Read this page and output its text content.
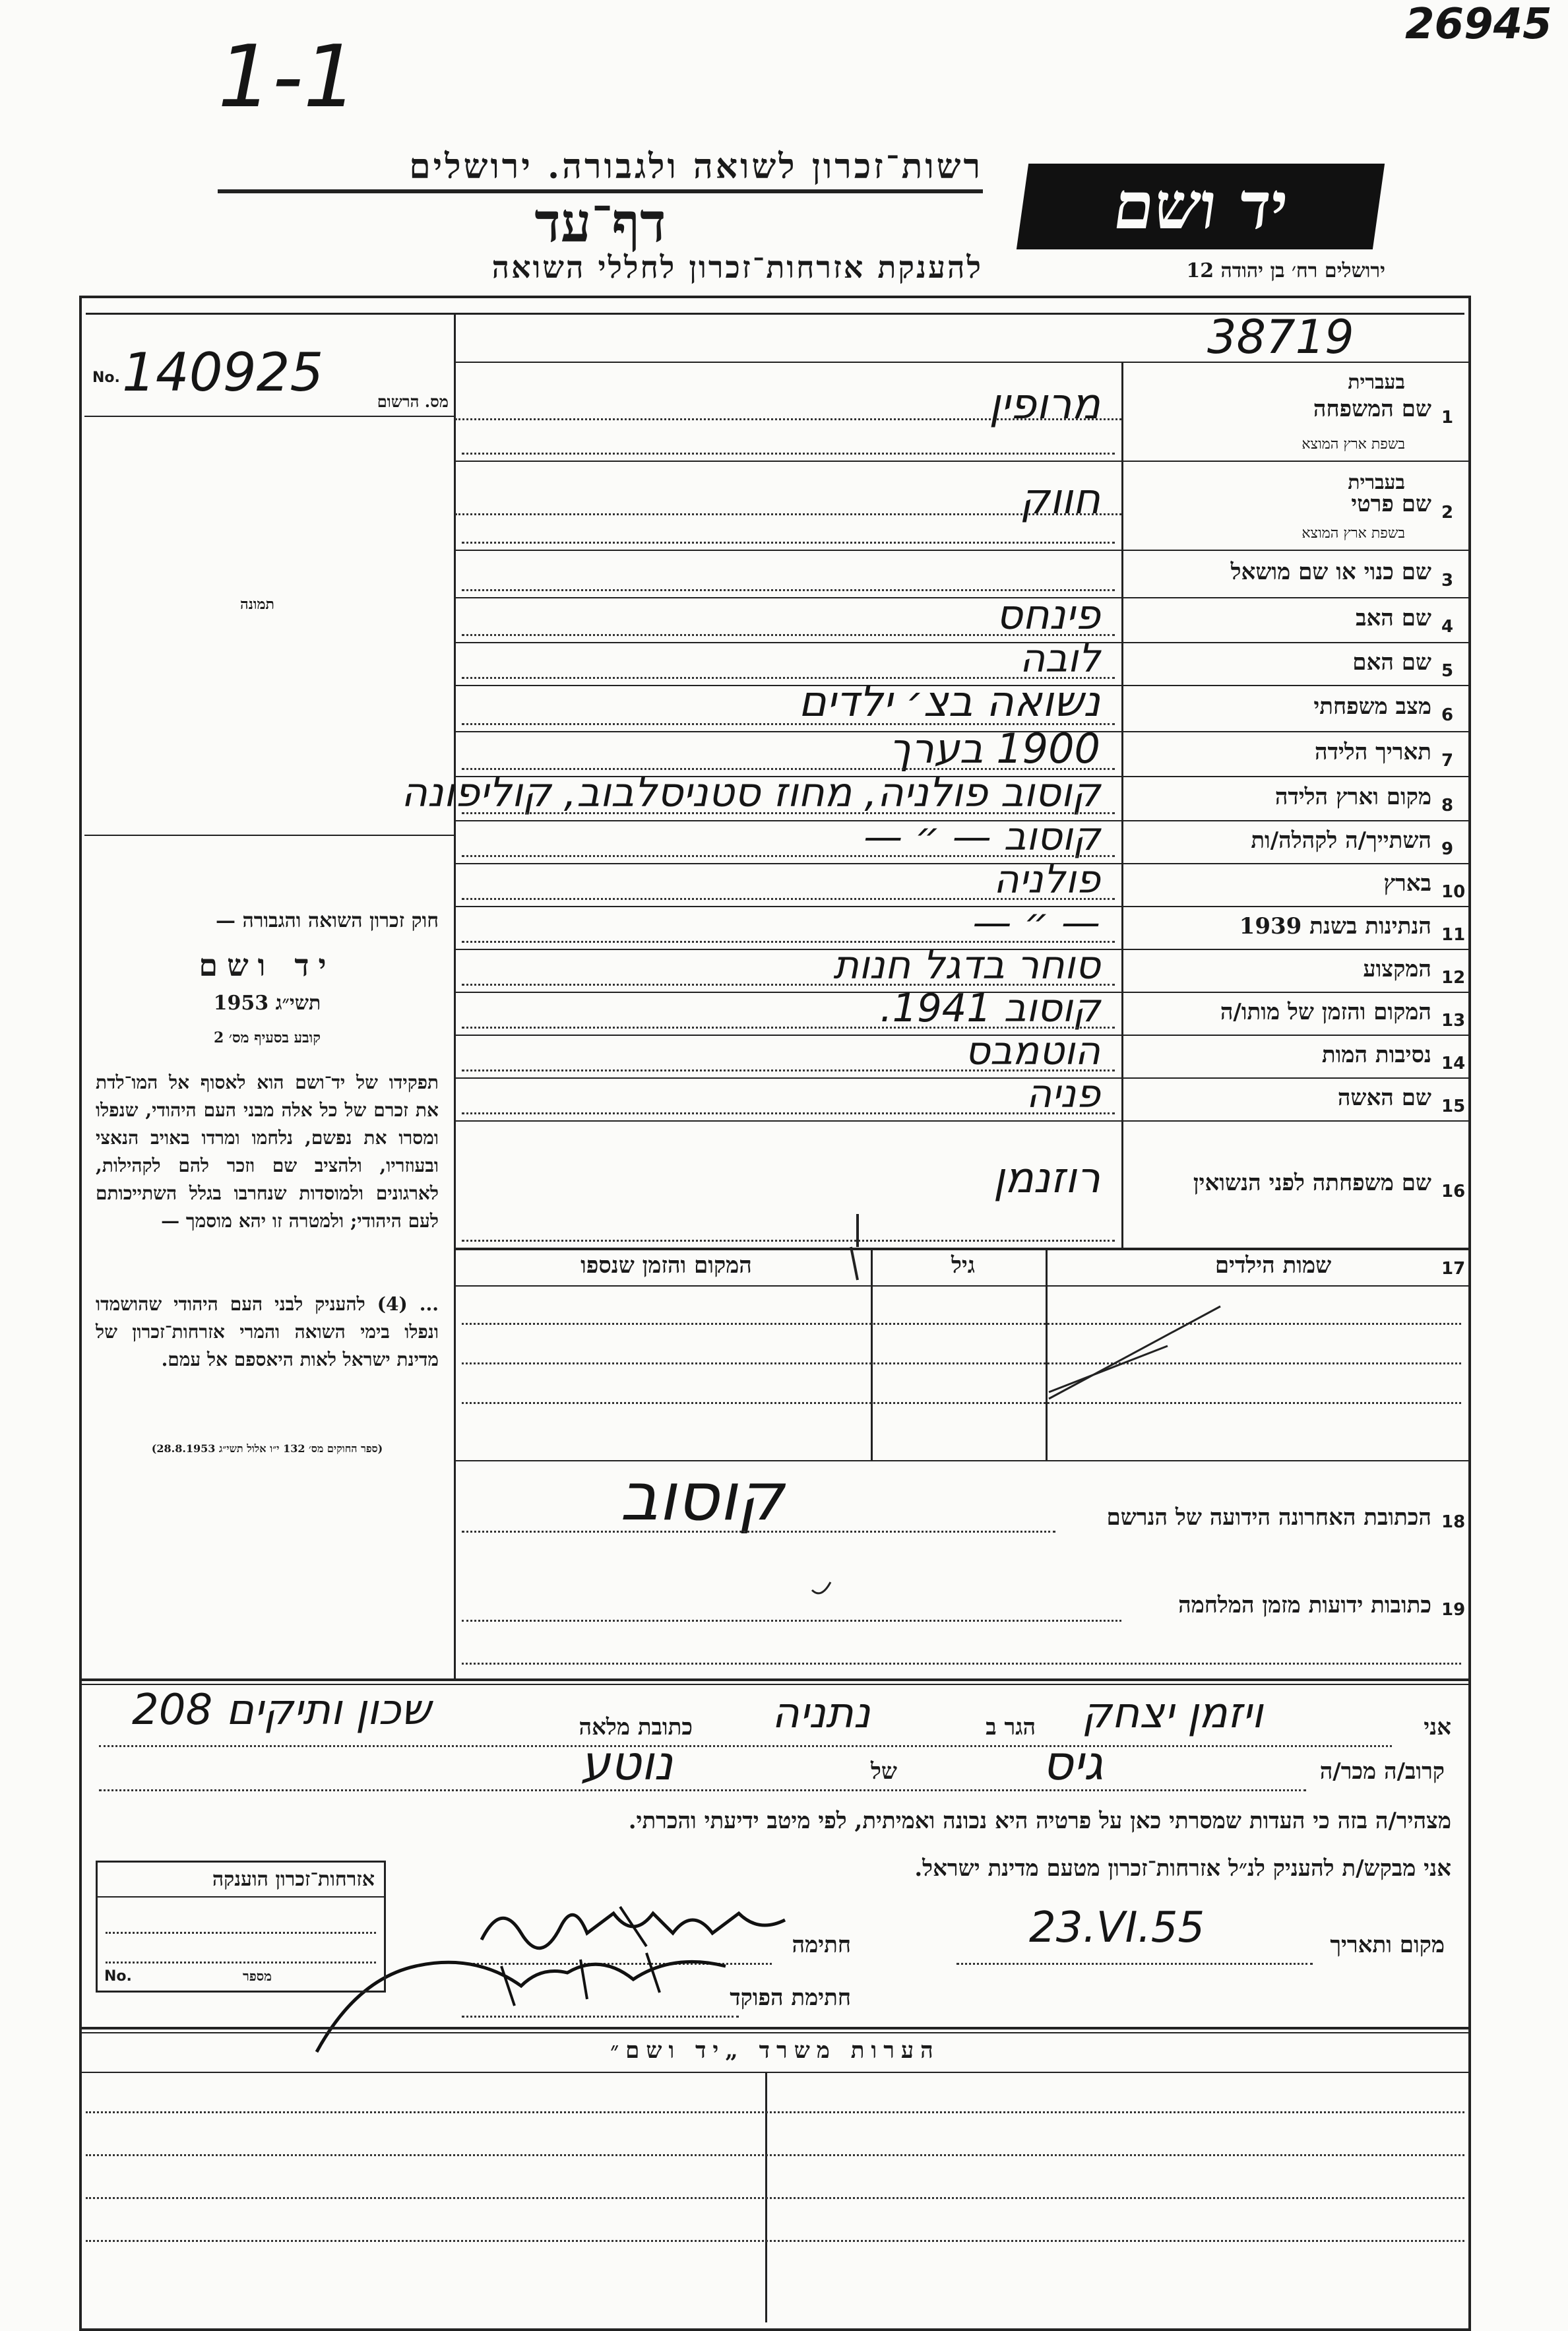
26945
1-1
רשות־זכרון לשואה ולגבורה. ירושלים
דף־עד
להענקת אזרחות־זכרון לחללי השואה
יד ושם
ירושלים רח׳ בן יהודה 12
38719
No. 140925	מס. הרשום
תמונה
חוק זכרון השואה והגבורה —
יד ושם
תשי״ג 1953
קובע בסעיף מס׳ 2
תפקידו של יד־ושם הוא לאסוף אל המו־לדת את זכרם של כל אלה מבני העם היהודי, שנפלו ומסרו את נפשם, נלחמו ומרדו באויב הנאצי ובעוזריו, ולהציב שם וזכר להם לקהילות, לארגונים ולמוסדות שנחרבו בגלל השתייכותם לעם היהודי; ולמטרה זו יהא מוסמך —
... (4) להעניק לבני העם היהודי שהושמדו ונפלו בימי השואה והמרי אזרחות־זכרון של מדינת ישראל לאות היאספם אל עמם.
(ספר החוקים מס׳ 132 י״ו אלול תשי״ג 28.8.1953)
1
שם המשפחה
בעברית
בשפת ארץ המוצא
מרופין
2
שם פרטי
בעברית
בשפת ארץ המוצא
חווק
3
שם כנוי או שם מושאל
4
שם האב
פינחס
5
שם האם
לובה
6
מצב משפחתי
נשואה בצ׳ ילדים
7
תאריך הלידה
1900 בערך
8
מקום וארץ הלידה
קוסוב פולניה, מחוז סטניסלבוב, קוליפונה
9
השתייך/ה לקהלה/ות
קוסוב — ״ —
10
בארץ
פולניה
11
הנתינות בשנת 1939
— ״ —
12
המקצוע
סוחר בדגל חנות
13
המקום והזמן של מותו/ה
קוסוב 1941.
14
נסיבות המות
הוטמבס
15
שם האשה
פניה
16
שם משפחתה לפני הנשואין
רוזנמן
17
שמות הילדים
גיל
המקום והזמן שנספו
קוסוב	הכתובת האחרונה הידועה של הנרשם 18
כתובות ידועות מזמן המלחמה 19
אני
ויזמן יצחק
הגר ב
נתניה
כתובת מלאה
שכון ותיקים 208
קרוב/ה מכר/ה
גיס
של
נוטע
מצהיר/ה בזה כי העדות שמסרתי כאן על פרטיה היא נכונה ואמיתית, לפי מיטב ידיעתי והכרתי.
אני מבקש/ת להעניק לנ״ל אזרחות־זכרון מטעם מדינת ישראל.
מקום ותאריך
23.VI.55
חתימה
חתימת הפוקד
אזרחות־זכרון הוענקה
No.	מספר
הערות משרד „יד ושם״
